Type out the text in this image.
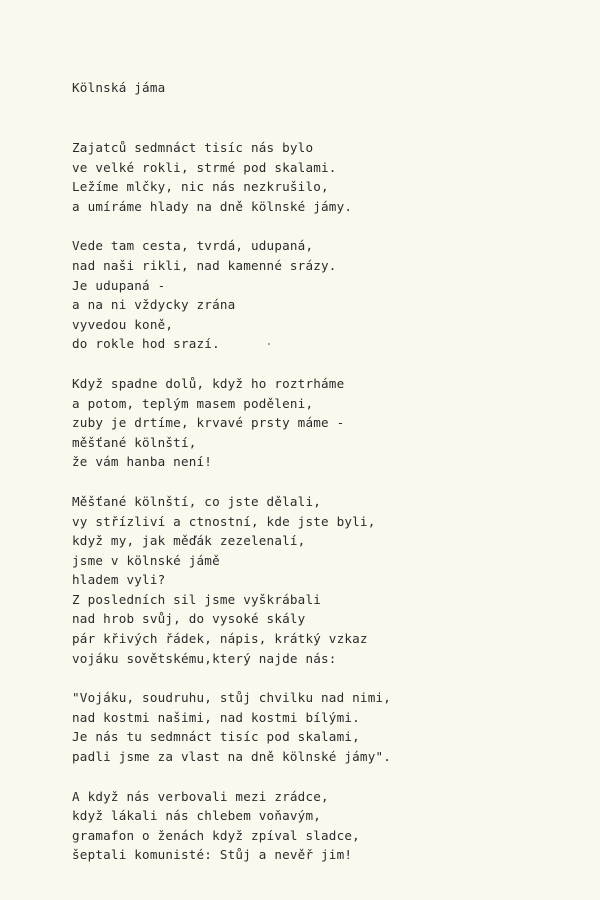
Kölnská jáma
Zajatců sedmnáct tisíc nás bylo
ve velké rokli, strmé pod skalami.
Ležíme mlčky, nic nás nezkrušilo,
a umíráme hlady na dně kölnské jámy.
Vede tam cesta, tvrdá, udupaná,
nad naši rikli, nad kamenné srázy.
Je udupaná -
a na ni vždycky zrána
vyvedou koně,
do rokle hod srazí.
Když spadne dolů, když ho roztrháme
a potom, teplým masem poděleni,
zuby je drtíme, krvavé prsty máme -
měšťané kölnští,
že vám hanba není!
Měšťané kölnští, co jste dělali,
vy střízliví a ctnostní, kde jste byli,
když my, jak měďák zezelenalí,
jsme v kölnské jámě
hladem vyli?
Z posledních sil jsme vyškrábali
nad hrob svůj, do vysoké skály
pár křivých řádek, nápis, krátký vzkaz
vojáku sovětskému,který najde nás:
"Vojáku, soudruhu, stůj chvilku nad nimi,
nad kostmi našimi, nad kostmi bílými.
Je nás tu sedmnáct tisíc pod skalami,
padli jsme za vlast na dně kölnské jámy".
A když nás verbovali mezi zrádce,
když lákali nás chlebem voňavým,
gramafon o ženách když zpíval sladce,
šeptali komunisté: Stůj a nevěř jim!
